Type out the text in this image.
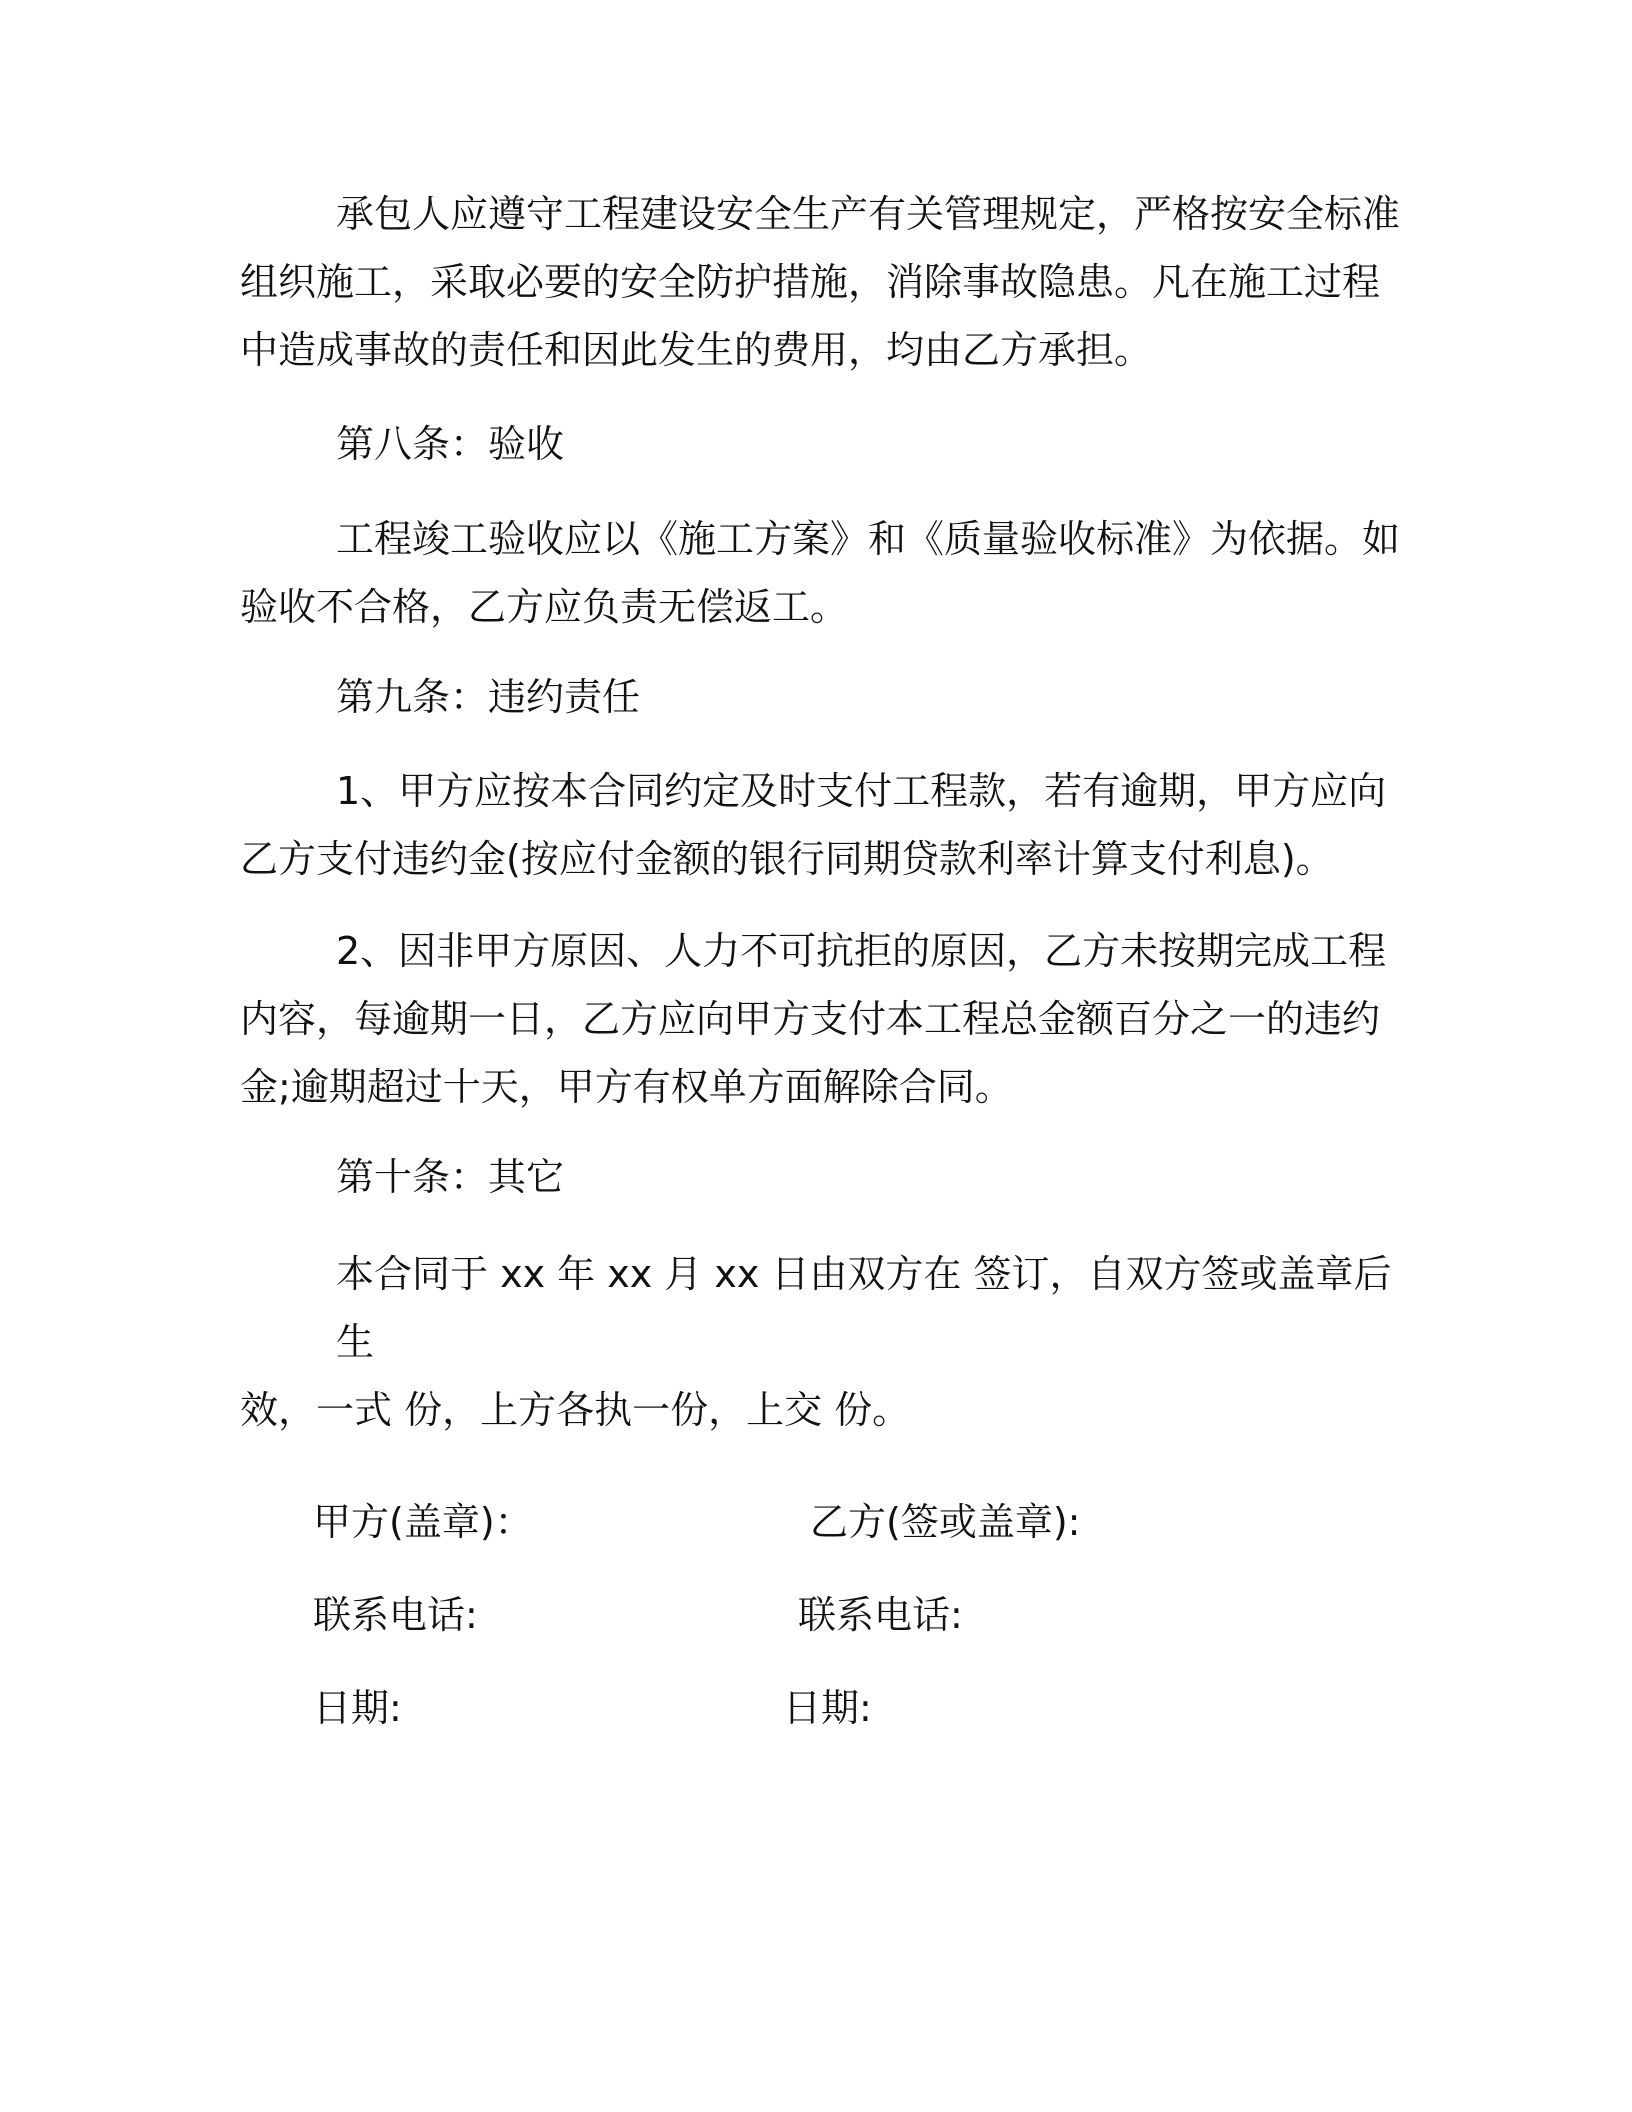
承包人应遵守工程建设安全生产有关管理规定，严格按安全标准
组织施工，采取必要的安全防护措施，消除事故隐患。凡在施工过程
中造成事故的责任和因此发生的费用，均由乙方承担。

第八条：验收

工程竣工验收应以《施工方案》和《质量验收标准》为依据。如
验收不合格，乙方应负责无偿返工。

第九条：违约责任

1、甲方应按本合同约定及时支付工程款，若有逾期，甲方应向
乙方支付违约金(按应付金额的银行同期贷款利率计算支付利息)。
2、因非甲方原因、人力不可抗拒的原因，乙方未按期完成工程
内容，每逾期一日，乙方应向甲方支付本工程总金额百分之一的违约
金;逾期超过十天，甲方有权单方面解除合同。

第十条：其它

本合同于 xx 年 xx 月 xx 日由双方在 签订，自双方签或盖章后生
效，一式 份，上方各执一份，上交 份。

甲方(盖章)：	乙方(签或盖章):

联系电话:	联系电话:

日期:	日期:
